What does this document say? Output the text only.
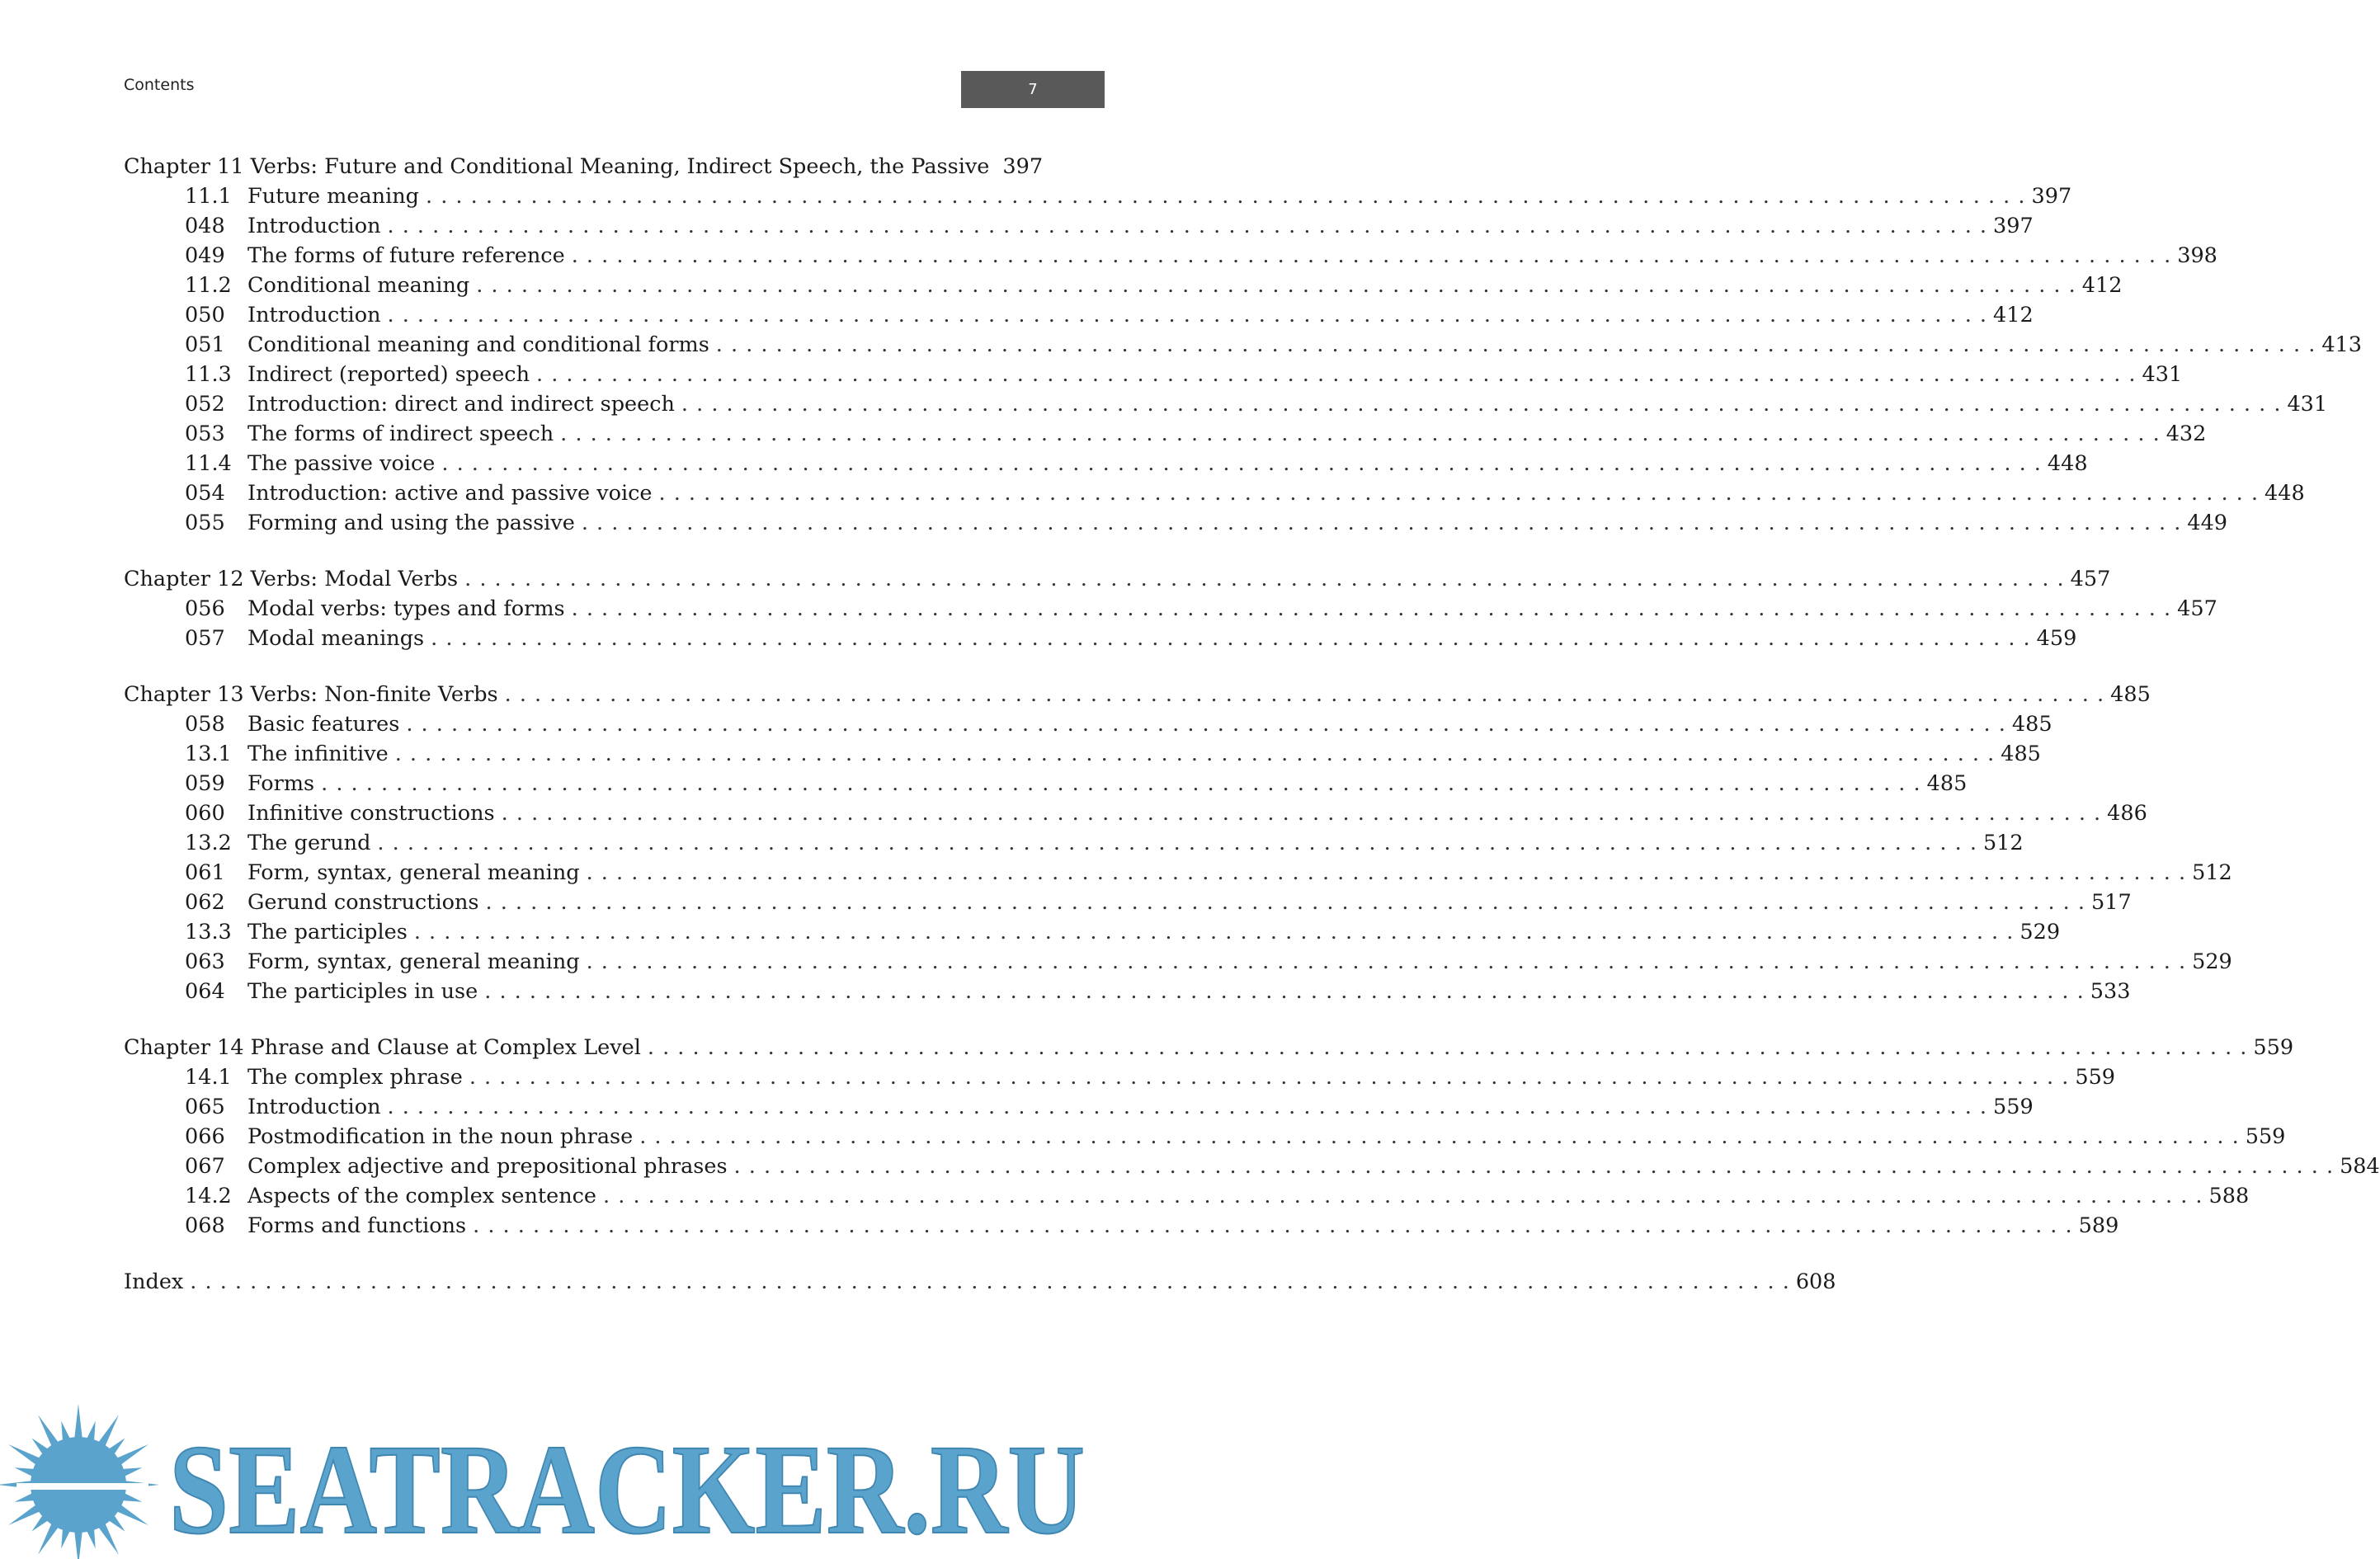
Contents	7
Chapter 11 Verbs: Future and Conditional Meaning, Indirect Speech, the Passive 397
11.1 Future meaning . . .	397
048	Introduction . . .	397
049	The forms of future reference . . .	398
11.2 Conditional meaning . . .	412
050	Introduction . . .	412
051	Conditional meaning and conditional forms . . .	413
11.3 Indirect (reported) speech . . .	431
052	Introduction: direct and indirect speech . . .	431
053	The forms of indirect speech . . .	432
11.4 The passive voice . . .	448
054	Introduction: active and passive voice . . .	448
055	Forming and using the passive . . .	449
Chapter 12 Verbs: Modal Verbs . . .	457
056	Modal verbs: types and forms . . .	457
057	Modal meanings . . .	459
Chapter 13 Verbs: Non-finite Verbs . . .	485
058	Basic features . . .	485
13.1 The infinitive . . .	485
059	Forms . . .	485
060	Infinitive constructions . . .	486
13.2 The gerund . . .	512
061	Form, syntax, general meaning . . .	512
062	Gerund constructions . . .	517
13.3 The participles . . .	529
063	Form, syntax, general meaning . . .	529
064	The participles in use . . .	533
Chapter 14 Phrase and Clause at Complex Level . . .	559
14.1 The complex phrase . . .	559
065	Introduction . . .	559
066	Postmodification in the noun phrase . . .	559
067	Complex adjective and prepositional phrases . . .	584
14.2 Aspects of the complex sentence . . .	588
068	Forms and functions . . .	589
Index . . .	608
SEATRACKER.RU
